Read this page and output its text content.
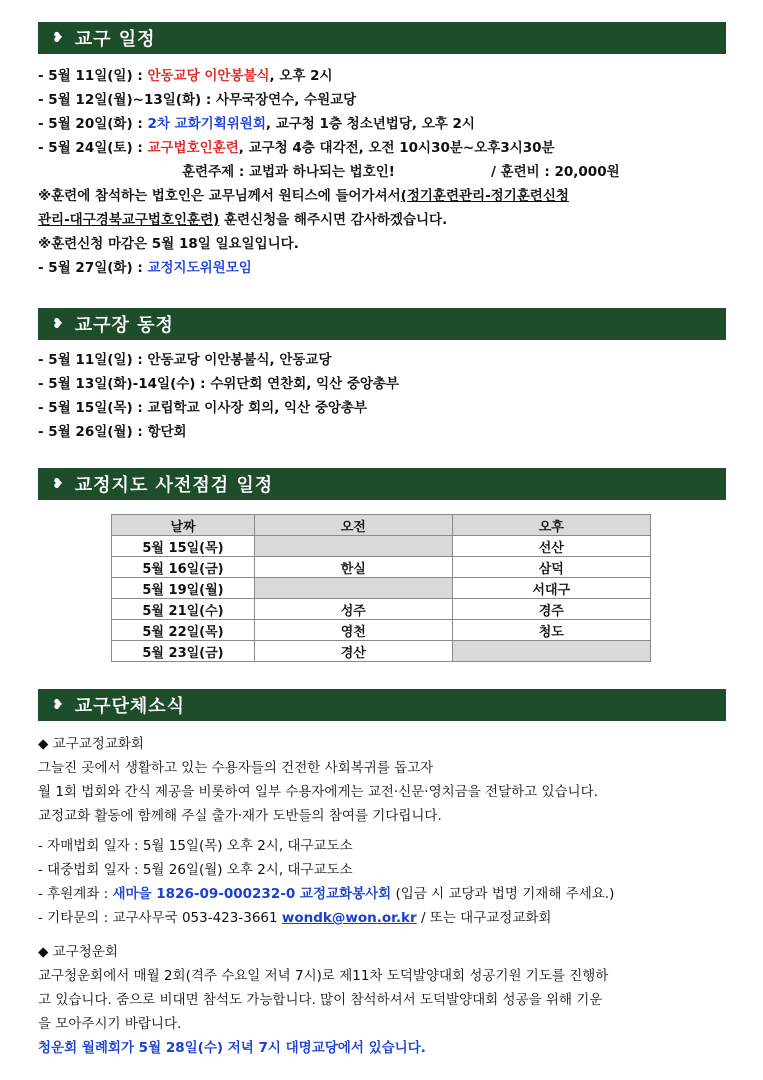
❥ 교구 일정
- 5월 11일(일) : 안동교당 이안봉불식, 오후 2시
- 5월 12일(월)~13일(화) : 사무국장연수, 수원교당
- 5월 20일(화) : 2차 교화기획위원회, 교구청 1층 청소년법당, 오후 2시
- 5월 24일(토) : 교구법호인훈련, 교구청 4층 대각전, 오전 10시30분~오후3시30분
훈련주제 : 교법과 하나되는 법호인!	/ 훈련비 : 20,000원
※훈련에 참석하는 법호인은 교무님께서 원티스에 들어가셔서(정기훈련관리-정기훈련신청
관리-대구경북교구법호인훈련) 훈련신청을 해주시면 감사하겠습니다.
※훈련신청 마감은 5월 18일 일요일입니다.
- 5월 27일(화) : 교정지도위원모임
❥ 교구장 동정
- 5월 11일(일) : 안동교당 이안봉불식, 안동교당
- 5월 13일(화)-14일(수) : 수위단회 연찬회, 익산 중앙총부
- 5월 15일(목) : 교립학교 이사장 회의, 익산 중앙총부
- 5월 26일(월) : 항단회
❥ 교정지도 사전점검 일정
날짜	오전	오후
5월 15일(목)		선산
5월 16일(금)	한실	삼덕
5월 19일(월)		서대구
5월 21일(수)	성주	경주
5월 22일(목)	영천	청도
5월 23일(금)	경산	
❥ 교구단체소식
◆ 교구교정교화회
그늘진 곳에서 생활하고 있는 수용자들의 건전한 사회복귀를 돕고자
월 1회 법회와 간식 제공을 비롯하여 일부 수용자에게는 교전·신문·영치금을 전달하고 있습니다.
교정교화 활동에 함께해 주실 출가·재가 도반들의 참여를 기다립니다.
- 자매법회 일자 : 5월 15일(목) 오후 2시, 대구교도소
- 대중법회 일자 : 5월 26일(월) 오후 2시, 대구교도소
- 후원계좌 : 새마을 1826-09-000232-0 교정교화봉사회 (입금 시 교당과 법명 기재해 주세요.)
- 기타문의 : 교구사무국 053-423-3661 wondk@won.or.kr / 또는 대구교정교화회
◆ 교구청운회
교구청운회에서 매월 2회(격주 수요일 저녁 7시)로 제11차 도덕발양대회 성공기원 기도를 진행하
고 있습니다. 줌으로 비대면 참석도 가능합니다. 많이 참석하셔서 도덕발양대회 성공을 위해 기운
을 모아주시기 바랍니다.
청운회 월례회가 5월 28일(수) 저녁 7시 대명교당에서 있습니다.
